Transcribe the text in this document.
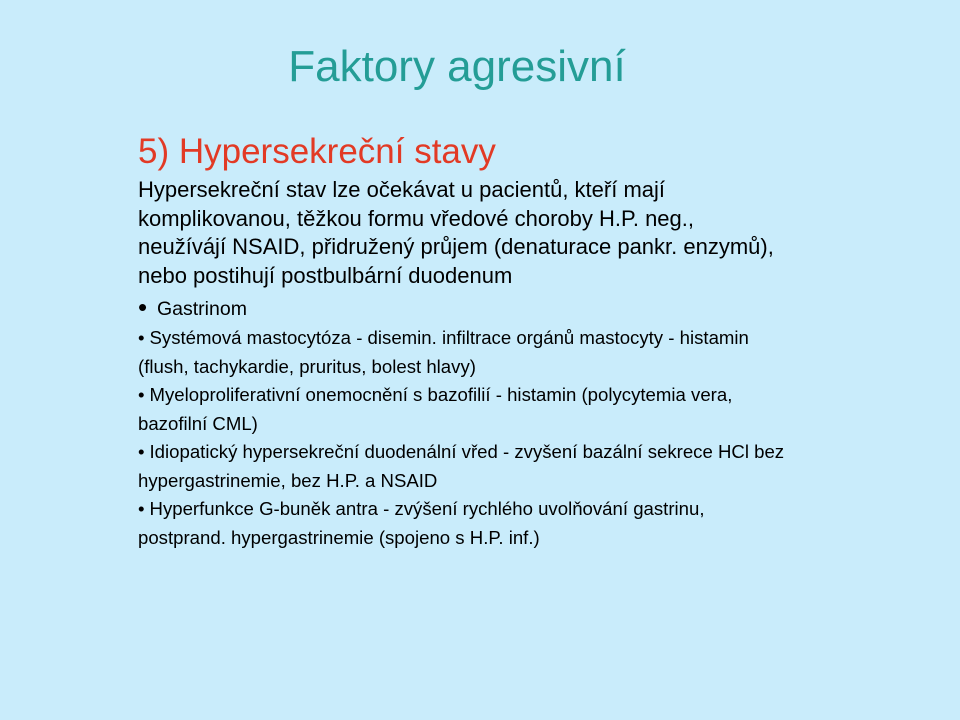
Faktory agresivní
5) Hypersekreční stavy

Hypersekreční stav lze očekávat u pacientů, kteří mají komplikovanou, těžkou formu vředové choroby H.P. neg., neužívájí NSAID, přidružený průjem (denaturace pankr. enzymů), nebo postihují postbulbární duodenum

• Gastrinom
• Systémová mastocytóza - disemin. infiltrace orgánů mastocyty - histamin (flush, tachykardie, pruritus, bolest hlavy)
• Myeloproliferativní onemocnění s bazofilií - histamin (polycytemia vera, bazofilní CML)
• Idiopatický hypersekreční duodenální vřed - zvyšení bazální sekrece HCl bez hypergastrinemie, bez H.P. a NSAID
• Hyperfunkce G-buněk antra - zvýšení rychlého uvolňování gastrinu, postprand. hypergastrinemie (spojeno s H.P. inf.)
